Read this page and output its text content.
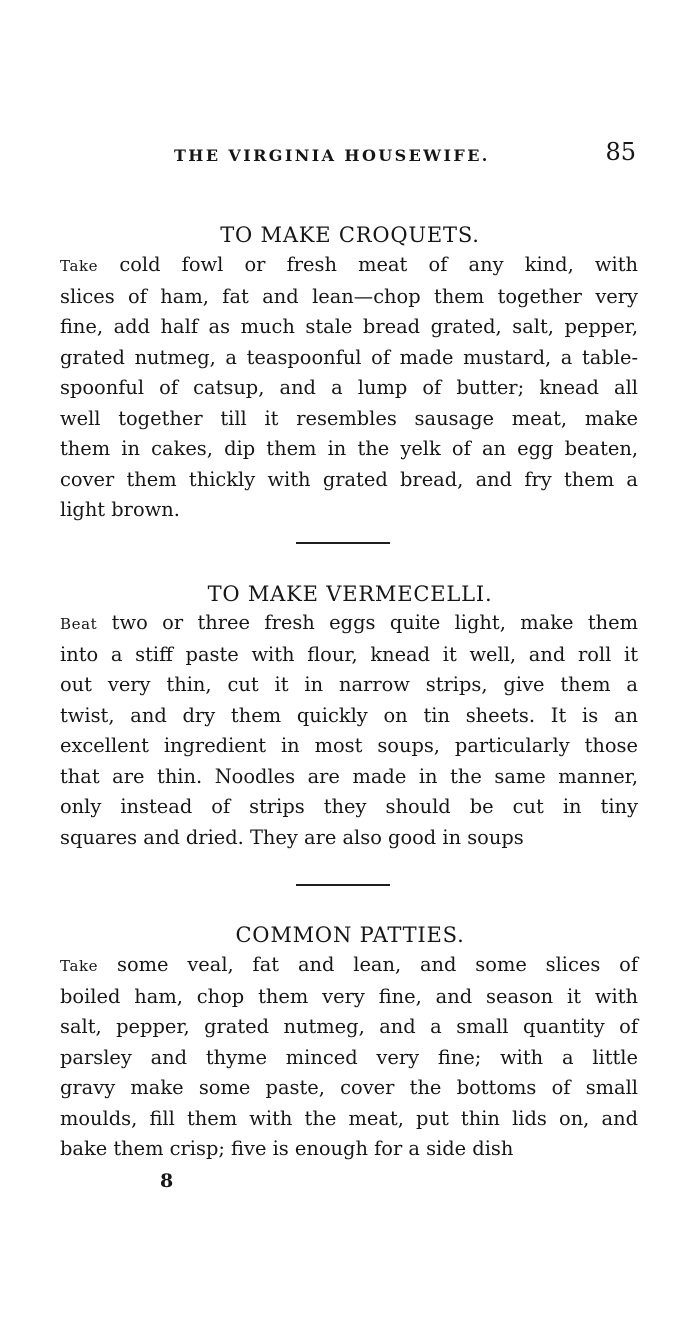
THE VIRGINIA HOUSEWIFE.	85
TO MAKE CROQUETS.
Take cold fowl or fresh meat of any kind, with
slices of ham, fat and lean—chop them together very
fine, add half as much stale bread grated, salt, pepper,
grated nutmeg, a teaspoonful of made mustard, a table-
spoonful of catsup, and a lump of butter; knead all
well together till it resembles sausage meat, make
them in cakes, dip them in the yelk of an egg beaten,
cover them thickly with grated bread, and fry them a
light brown.
TO MAKE VERMECELLI.
Beat two or three fresh eggs quite light, make them
into a stiff paste with flour, knead it well, and roll it
out very thin, cut it in narrow strips, give them a
twist, and dry them quickly on tin sheets. It is an
excellent ingredient in most soups, particularly those
that are thin. Noodles are made in the same manner,
only instead of strips they should be cut in tiny
squares and dried. They are also good in soups
COMMON PATTIES.
Take some veal, fat and lean, and some slices of
boiled ham, chop them very fine, and season it with
salt, pepper, grated nutmeg, and a small quantity of
parsley and thyme minced very fine; with a little
gravy make some paste, cover the bottoms of small
moulds, fill them with the meat, put thin lids on, and
bake them crisp; five is enough for a side dish
8
